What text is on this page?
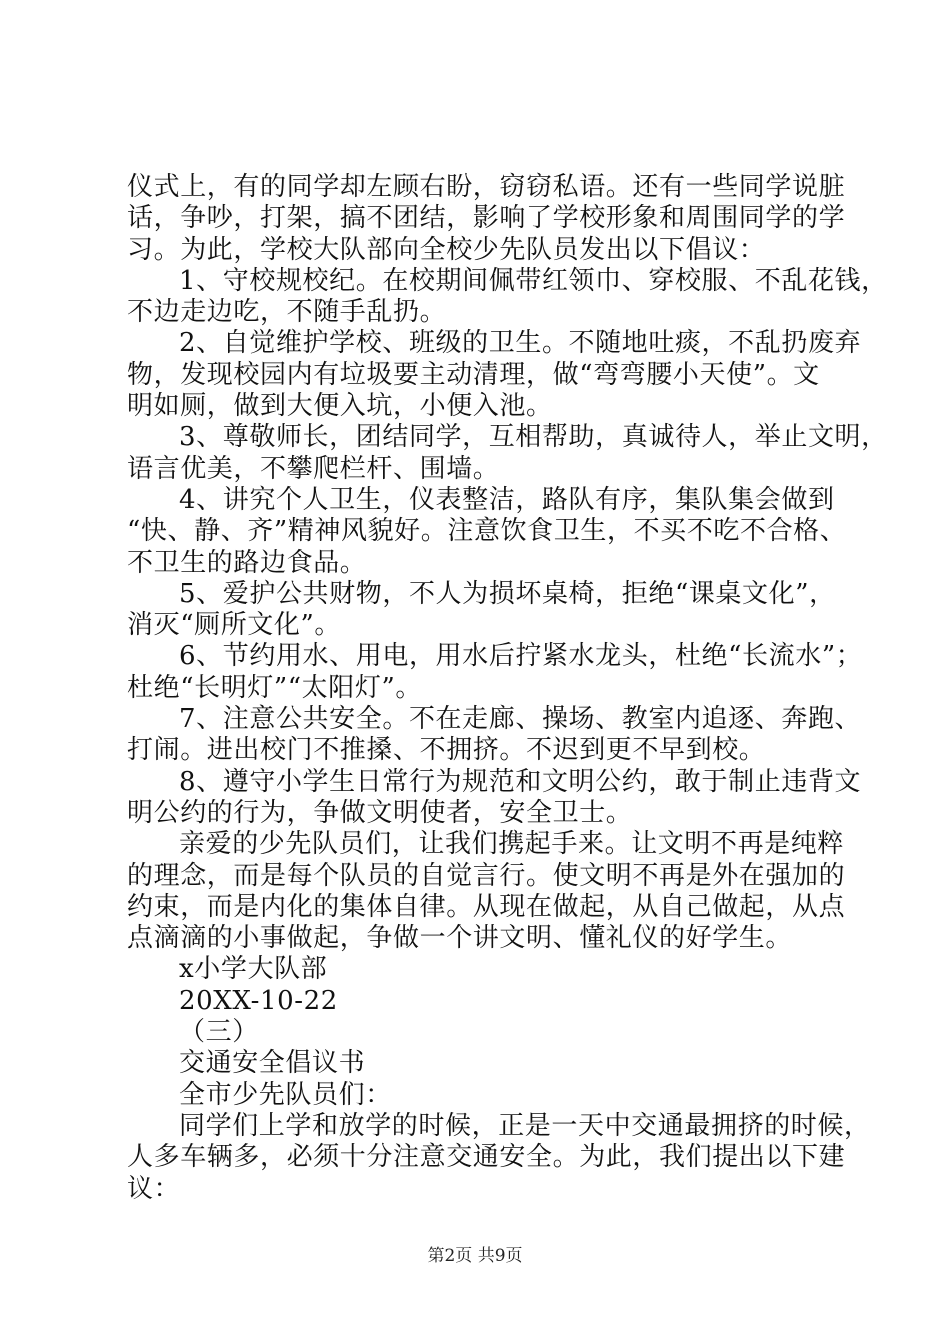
仪式上，有的同学却左顾右盼，窃窃私语。还有一些同学说脏
话，争吵，打架，搞不团结，影响了学校形象和周围同学的学
习。为此，学校大队部向全校少先队员发出以下倡议：
1、守校规校纪。在校期间佩带红领巾、穿校服、不乱花钱，
不边走边吃，不随手乱扔。
2、自觉维护学校、班级的卫生。不随地吐痰，不乱扔废弃
物，发现校园内有垃圾要主动清理，做“弯弯腰小天使”。文
明如厕，做到大便入坑，小便入池。
3、尊敬师长，团结同学，互相帮助，真诚待人，举止文明，
语言优美，不攀爬栏杆、围墙。
4、讲究个人卫生，仪表整洁，路队有序，集队集会做到
“快、静、齐”精神风貌好。注意饮食卫生，不买不吃不合格、
不卫生的路边食品。
5、爱护公共财物，不人为损坏桌椅，拒绝“课桌文化”，
消灭“厕所文化”。
6、节约用水、用电，用水后拧紧水龙头，杜绝“长流水”；
杜绝“长明灯”“太阳灯”。
7、注意公共安全。不在走廊、操场、教室内追逐、奔跑、
打闹。进出校门不推搡、不拥挤。不迟到更不早到校。
8、遵守小学生日常行为规范和文明公约，敢于制止违背文
明公约的行为，争做文明使者，安全卫士。
亲爱的少先队员们，让我们携起手来。让文明不再是纯粹
的理念，而是每个队员的自觉言行。使文明不再是外在强加的
约束，而是内化的集体自律。从现在做起，从自己做起，从点
点滴滴的小事做起，争做一个讲文明、懂礼仪的好学生。
x小学大队部
20XX-10-22
（三）
交通安全倡议书
全市少先队员们：
同学们上学和放学的时候，正是一天中交通最拥挤的时候，
人多车辆多，必须十分注意交通安全。为此，我们提出以下建
议：
第2页 共9页
